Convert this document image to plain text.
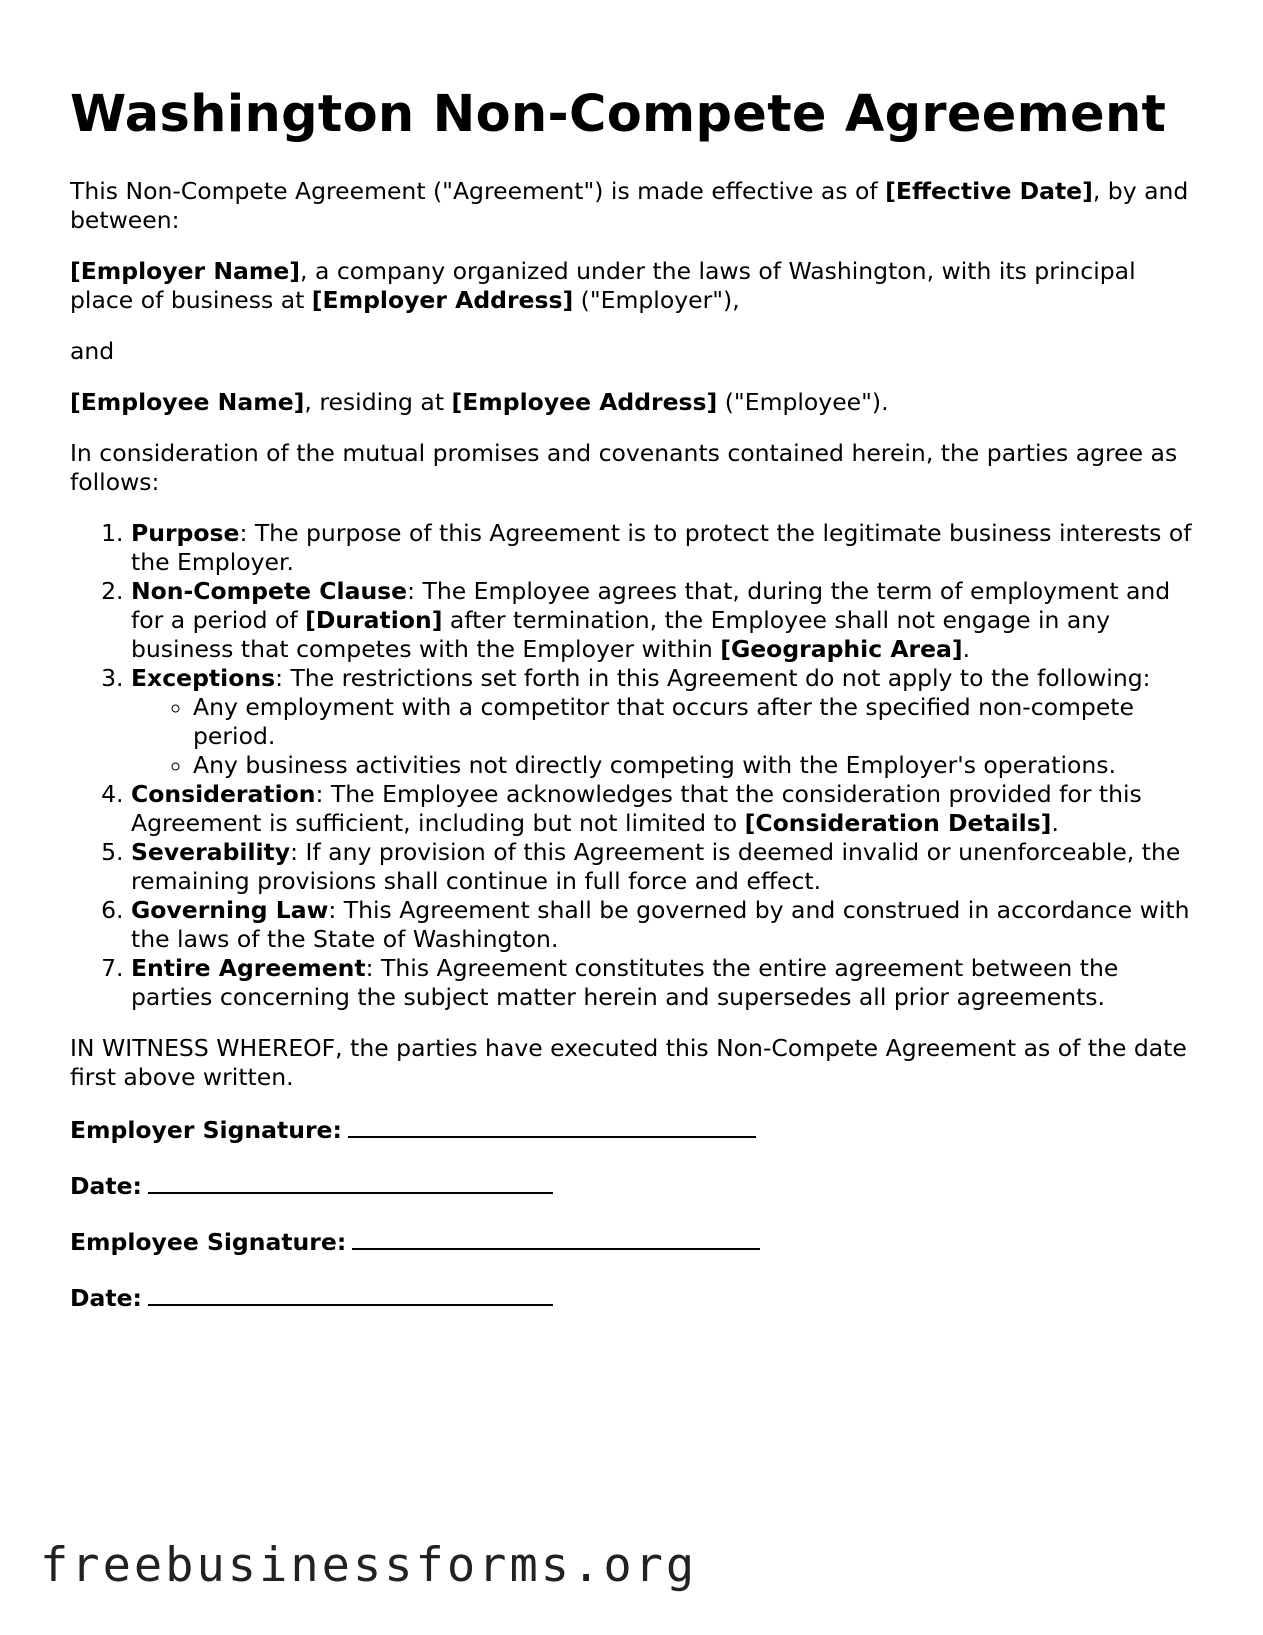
Washington Non-Compete Agreement

This Non-Compete Agreement ("Agreement") is made effective as of [Effective Date], by and between:

[Employer Name], a company organized under the laws of Washington, with its principal place of business at [Employer Address] ("Employer"),

and

[Employee Name], residing at [Employee Address] ("Employee").

In consideration of the mutual promises and covenants contained herein, the parties agree as follows:

1. Purpose: The purpose of this Agreement is to protect the legitimate business interests of the Employer.
2. Non-Compete Clause: The Employee agrees that, during the term of employment and for a period of [Duration] after termination, the Employee shall not engage in any business that competes with the Employer within [Geographic Area].
3. Exceptions: The restrictions set forth in this Agreement do not apply to the following:
◦ Any employment with a competitor that occurs after the specified non-compete period.
◦ Any business activities not directly competing with the Employer's operations.
4. Consideration: The Employee acknowledges that the consideration provided for this Agreement is sufficient, including but not limited to [Consideration Details].
5. Severability: If any provision of this Agreement is deemed invalid or unenforceable, the remaining provisions shall continue in full force and effect.
6. Governing Law: This Agreement shall be governed by and construed in accordance with the laws of the State of Washington.
7. Entire Agreement: This Agreement constitutes the entire agreement between the parties concerning the subject matter herein and supersedes all prior agreements.

IN WITNESS WHEREOF, the parties have executed this Non-Compete Agreement as of the date first above written.

Employer Signature:
Date:
Employee Signature:
Date:
freebusinessforms.org
